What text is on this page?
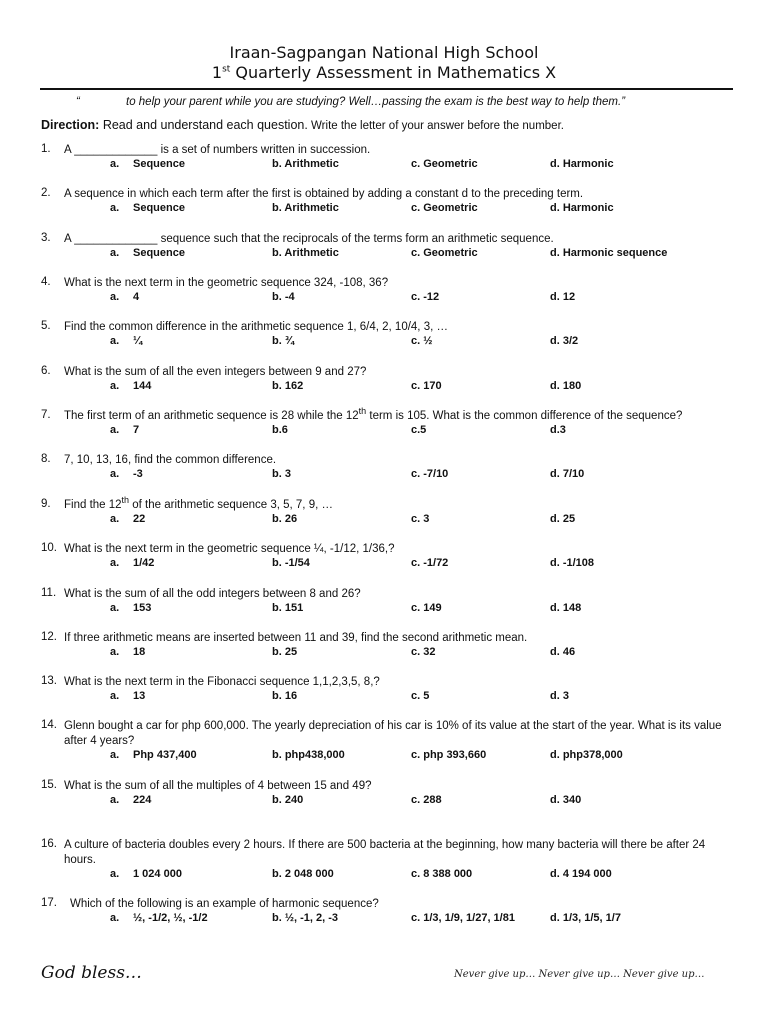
Iraan-Sagpangan National High School
1st Quarterly Assessment in Mathematics X
“	to help your parent while you are studying? Well…passing the exam is the best way to help them.”
Direction: Read and understand each question. Write the letter of your answer before the number.
1. A _____________ is a set of numbers written in succession.
a. Sequence	b. Arithmetic	c. Geometric	d. Harmonic
2. A sequence in which each term after the first is obtained by adding a constant d to the preceding term.
a. Sequence	b. Arithmetic	c. Geometric	d. Harmonic
3. A _____________ sequence such that the reciprocals of the terms form an arithmetic sequence.
a. Sequence	b. Arithmetic	c. Geometric	d. Harmonic sequence
4. What is the next term in the geometric sequence 324, -108, 36?
a. 4	b. -4	c. -12	d. 12
5. Find the common difference in the arithmetic sequence 1, 6/4, 2, 10/4, 3, …
a. ¼	b. ¾	c. ½	d. 3/2
6. What is the sum of all the even integers between 9 and 27?
a. 144	b. 162	c. 170	d. 180
7. The first term of an arithmetic sequence is 28 while the 12th term is 105. What is the common difference of the sequence?
a. 7	b.6	c.5	d.3
8. 7, 10, 13, 16, find the common difference.
a. -3	b. 3	c. -7/10	d. 7/10
9. Find the 12th of the arithmetic sequence 3, 5, 7, 9, …
a. 22	b. 26	c. 3	d. 25
10. What is the next term in the geometric sequence ¼, -1/12, 1/36,?
a. 1/42	b. -1/54	c. -1/72	d. -1/108
11. What is the sum of all the odd integers between 8 and 26?
a. 153	b. 151	c. 149	d. 148
12. If three arithmetic means are inserted between 11 and 39, find the second arithmetic mean.
a. 18	b. 25	c. 32	d. 46
13. What is the next term in the Fibonacci sequence 1,1,2,3,5, 8,?
a. 13	b. 16	c. 5	d. 3
14. Glenn bought a car for php 600,000. The yearly depreciation of his car is 10% of its value at the start of the year. What is its value after 4 years?
a. Php 437,400	b. php438,000	c. php 393,660	d. php378,000
15. What is the sum of all the multiples of 4 between 15 and 49?
a. 224	b. 240	c. 288	d. 340
16. A culture of bacteria doubles every 2 hours. If there are 500 bacteria at the beginning, how many bacteria will there be after 24 hours.
a. 1 024 000	b. 2 048 000	c. 8 388 000	d. 4 194 000
17. Which of the following is an example of harmonic sequence?
a. ½, -1/2, ½, -1/2	b. ½, -1, 2, -3	c. 1/3, 1/9, 1/27, 1/81	d. 1/3, 1/5, 1/7
God bless…	Never give up… Never give up… Never give up…
